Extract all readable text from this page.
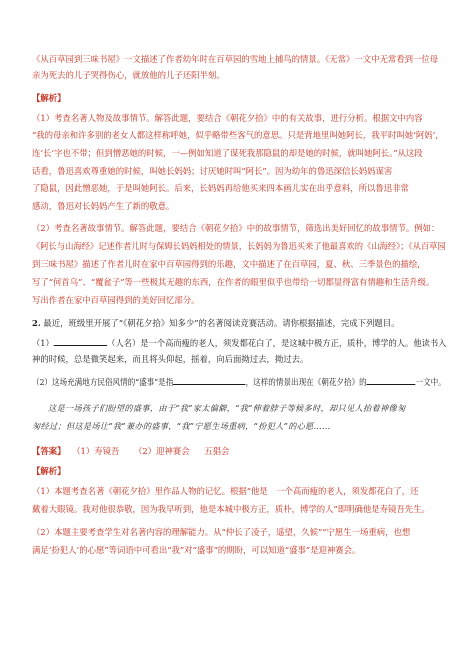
《从百草园到三味书屋》一文描述了作者幼年时在百草园的雪地上捕鸟的情景。《无常》一文中无常看到一位母
亲为死去的儿子哭得伤心，就放他的儿子还阳半刻。
【解析】
（1）考查名著人物及故事情节。解答此题，要结合《朝花夕拾》中的有关故事，进行分析。根据文中内容
“我的母亲和许多别的老女人都这样称呼她，似乎略带些客气的意思。只是背地里叫她阿长，我平时叫她‘阿妈’，
连‘长’字也不带；但到憎恶她的时候，一—例如知道了谋死我那隐鼠的却是她的时候，就叫她阿长。”从这段
话看，鲁迅喜欢尊重她的时候，叫她长妈妈；讨厌她时叫“阿长”。因为幼年的鲁迅深信长妈妈谋害
了隐鼠，因此憎恶她，于是叫她阿长。后来，长妈妈再给他买来四本画儿实在出乎意料，所以鲁迅非常
感动，鲁迅对长妈妈产生了新的敬意。
（2）考查名著故事情节。解答此题，要结合《朝花夕拾》中的故事情节，筛选出美好回忆的故事情节。例如：
《阿长与山海经》记述作者儿时与保姆长妈妈相处的情景，长妈妈为鲁迅买来了他最喜欢的《山海经》；《从百草园
到三味书屋》描述了作者儿时在家中百草园得到的乐趣，文中描述了在百草园，夏、秋、三季景色的描绘，
写了“何首乌”、“覆盆子”等一些极其无趣的东西，在作者的眼里似乎也带给一切都显得富有情趣和生活升级。
写出作者在家中百草园得到的美好回忆部分。
2. 最近，班级里开展了“《朝花夕拾》知多少”的名著阅读竞赛活动。请你根据描述，完成下列题目。
（1）	（人名）是一个高而瘦的老人，须发都花白了，是这城中极方正，质朴，博学的人。他读书入
神的时候，总是微笑起来，而且将头仰起，摇着，向后面拗过去，拗过去。
（2）这场充满地方民俗风情的“盛事”是指	，这样的情景出现在《朝花夕拾》的	一文中。
这是一场孩子们盼望的盛事，由于“我”家太偏僻，“我”伸着脖子等候多时，却只见人抬着神像匆
匆经过；但这是场让“我”兼办的盛事，“我”宁愿生场重病，“扮犯人”的心愿……
【答案】 （1）寿镜吾 （2）迎神赛会 五猖会
【解析】
（1）本题考查名著《朝花夕拾》里作品人物的记忆。根据“他是　一个高而瘦的老人，须发都花白了，还
戴着大眼镜。我对他很恭敬，因为我早听到，他是本城中极方正，质朴，博学的人”即明确他是寿镜吾先生。
（2）本题主要考查学生对名著内容的理解能力。从“仲长了凌子，遥望，久候”“宁愿生一场重病，也想
满足‘扮犯人’的心愿”等词语中可看出“我”对“盛事”的期盼，可以知道“盛事”是迎神赛会。
